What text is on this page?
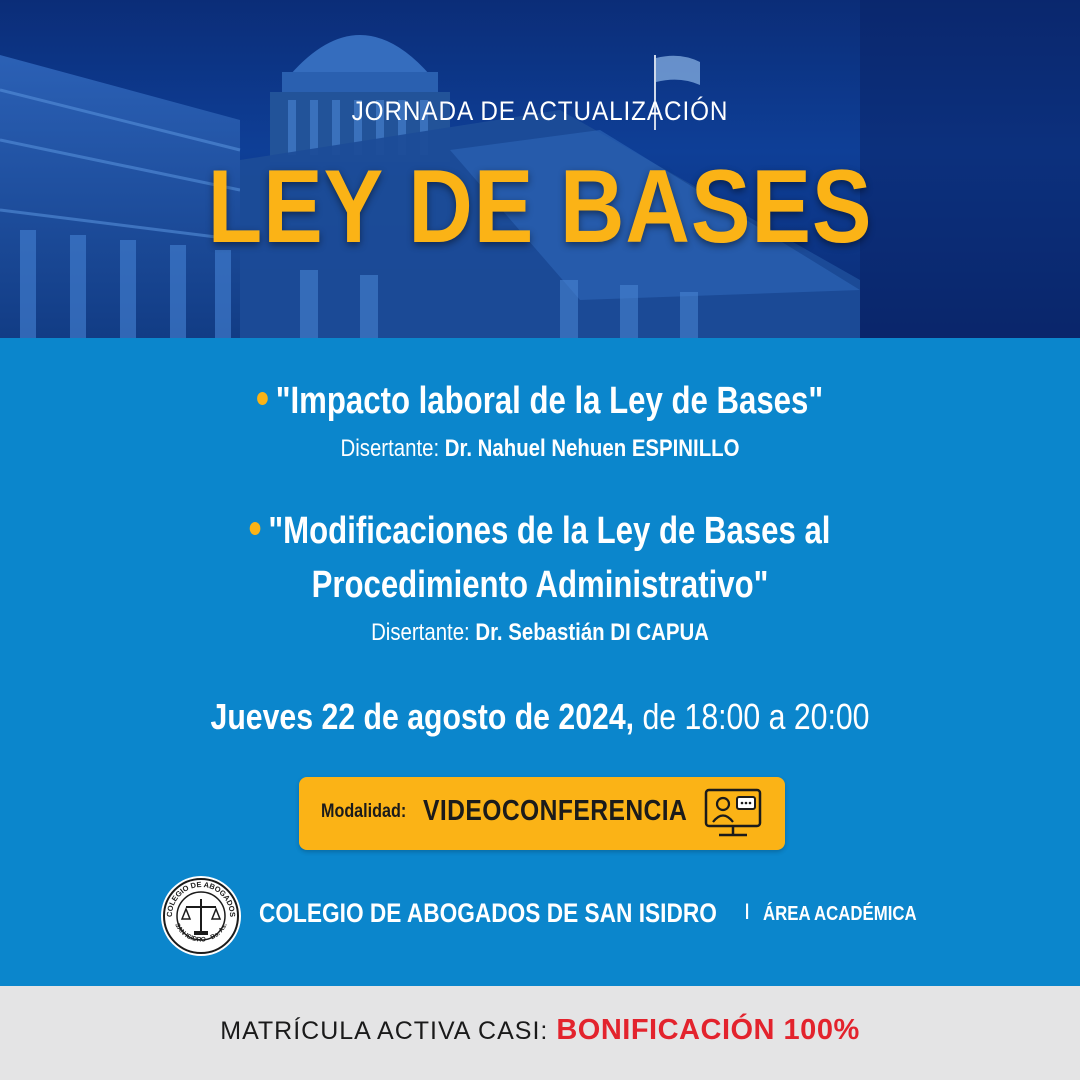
JORNADA DE ACTUALIZACIÓN
LEY DE BASES
"Impacto laboral de la Ley de Bases"
Disertante: Dr. Nahuel Nehuen ESPINILLO
"Modificaciones de la Ley de Bases al
Procedimiento Administrativo"
Disertante: Dr. Sebastián DI CAPUA
Jueves 22 de agosto de 2024, de 18:00 a 20:00
Modalidad: VIDEOCONFERENCIA
COLEGIO DE ABOGADOS
SAN ISIDRO - Bs. As. COLEGIO DE ABOGADOS DE SAN ISIDRO I ÁREA ACADÉMICA
MATRÍCULA ACTIVA CASI: BONIFICACIÓN 100%
